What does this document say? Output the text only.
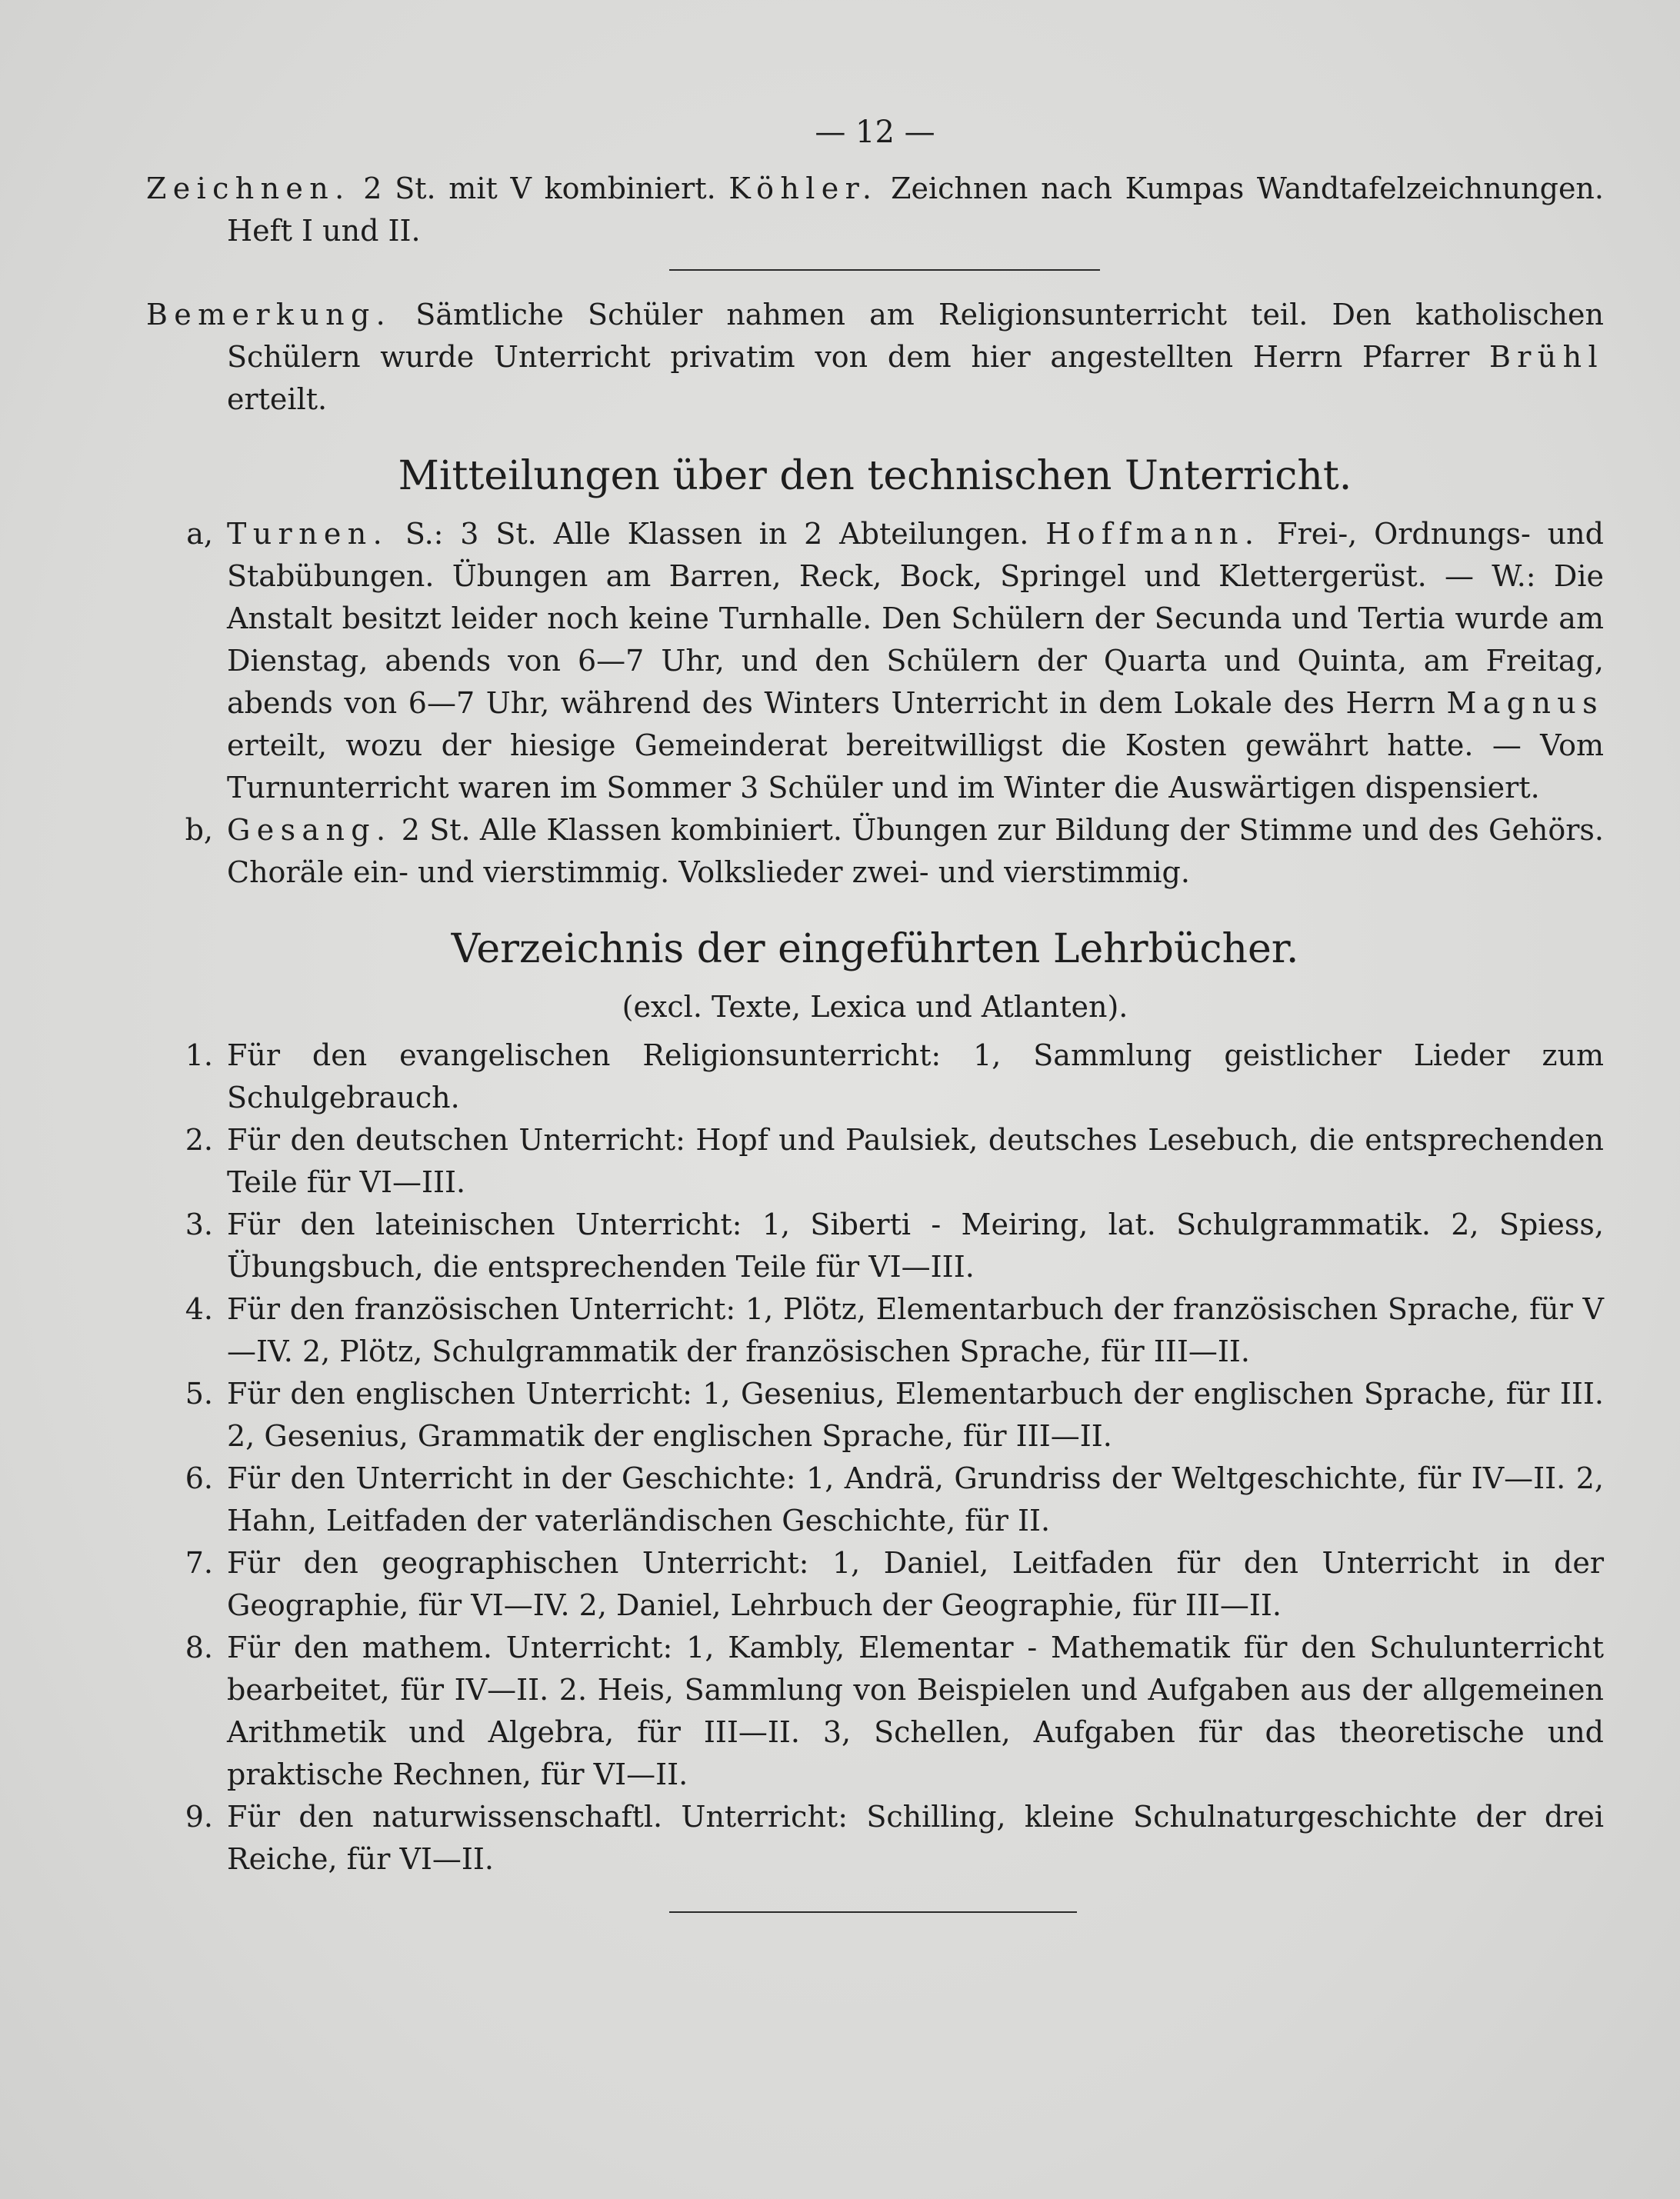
— 12 —
Zeichnen. 2 St. mit V kombiniert. Köhler. Zeichnen nach Kumpas Wandtafelzeichnungen. Heft I und II.
Bemerkung. Sämtliche Schüler nahmen am Religionsunterricht teil. Den katholischen Schülern wurde Unterricht privatim von dem hier angestellten Herrn Pfarrer Brühl erteilt.
Mitteilungen über den technischen Unterricht.
a, Turnen. S.: 3 St. Alle Klassen in 2 Abteilungen. Hoffmann. Frei-, Ordnungs- und Stabübungen. Übungen am Barren, Reck, Bock, Springel und Klettergerüst. — W.: Die Anstalt besitzt leider noch keine Turnhalle. Den Schülern der Secunda und Tertia wurde am Dienstag, abends von 6—7 Uhr, und den Schülern der Quarta und Quinta, am Freitag, abends von 6—7 Uhr, während des Winters Unterricht in dem Lokale des Herrn Magnus erteilt, wozu der hiesige Gemeinderat bereitwilligst die Kosten gewährt hatte. — Vom Turnunterricht waren im Sommer 3 Schüler und im Winter die Auswärtigen dispensiert.
b, Gesang. 2 St. Alle Klassen kombiniert. Übungen zur Bildung der Stimme und des Gehörs. Choräle ein- und vierstimmig. Volkslieder zwei- und vierstimmig.
Verzeichnis der eingeführten Lehrbücher.
(excl. Texte, Lexica und Atlanten).
1. Für den evangelischen Religionsunterricht: 1, Sammlung geistlicher Lieder zum Schulgebrauch.
2. Für den deutschen Unterricht: Hopf und Paulsiek, deutsches Lesebuch, die entsprechenden Teile für VI—III.
3. Für den lateinischen Unterricht: 1, Siberti - Meiring, lat. Schulgrammatik. 2, Spiess, Übungsbuch, die entsprechenden Teile für VI—III.
4. Für den französischen Unterricht: 1, Plötz, Elementarbuch der französischen Sprache, für V—IV. 2, Plötz, Schulgrammatik der französischen Sprache, für III—II.
5. Für den englischen Unterricht: 1, Gesenius, Elementarbuch der englischen Sprache, für III. 2, Gesenius, Grammatik der englischen Sprache, für III—II.
6. Für den Unterricht in der Geschichte: 1, Andrä, Grundriss der Weltgeschichte, für IV—II. 2, Hahn, Leitfaden der vaterländischen Geschichte, für II.
7. Für den geographischen Unterricht: 1, Daniel, Leitfaden für den Unterricht in der Geographie, für VI—IV. 2, Daniel, Lehrbuch der Geographie, für III—II.
8. Für den mathem. Unterricht: 1, Kambly, Elementar - Mathematik für den Schulunterricht bearbeitet, für IV—II. 2. Heis, Sammlung von Beispielen und Aufgaben aus der allgemeinen Arithmetik und Algebra, für III—II. 3, Schellen, Aufgaben für das theoretische und praktische Rechnen, für VI—II.
9. Für den naturwissenschaftl. Unterricht: Schilling, kleine Schulnaturgeschichte der drei Reiche, für VI—II.
